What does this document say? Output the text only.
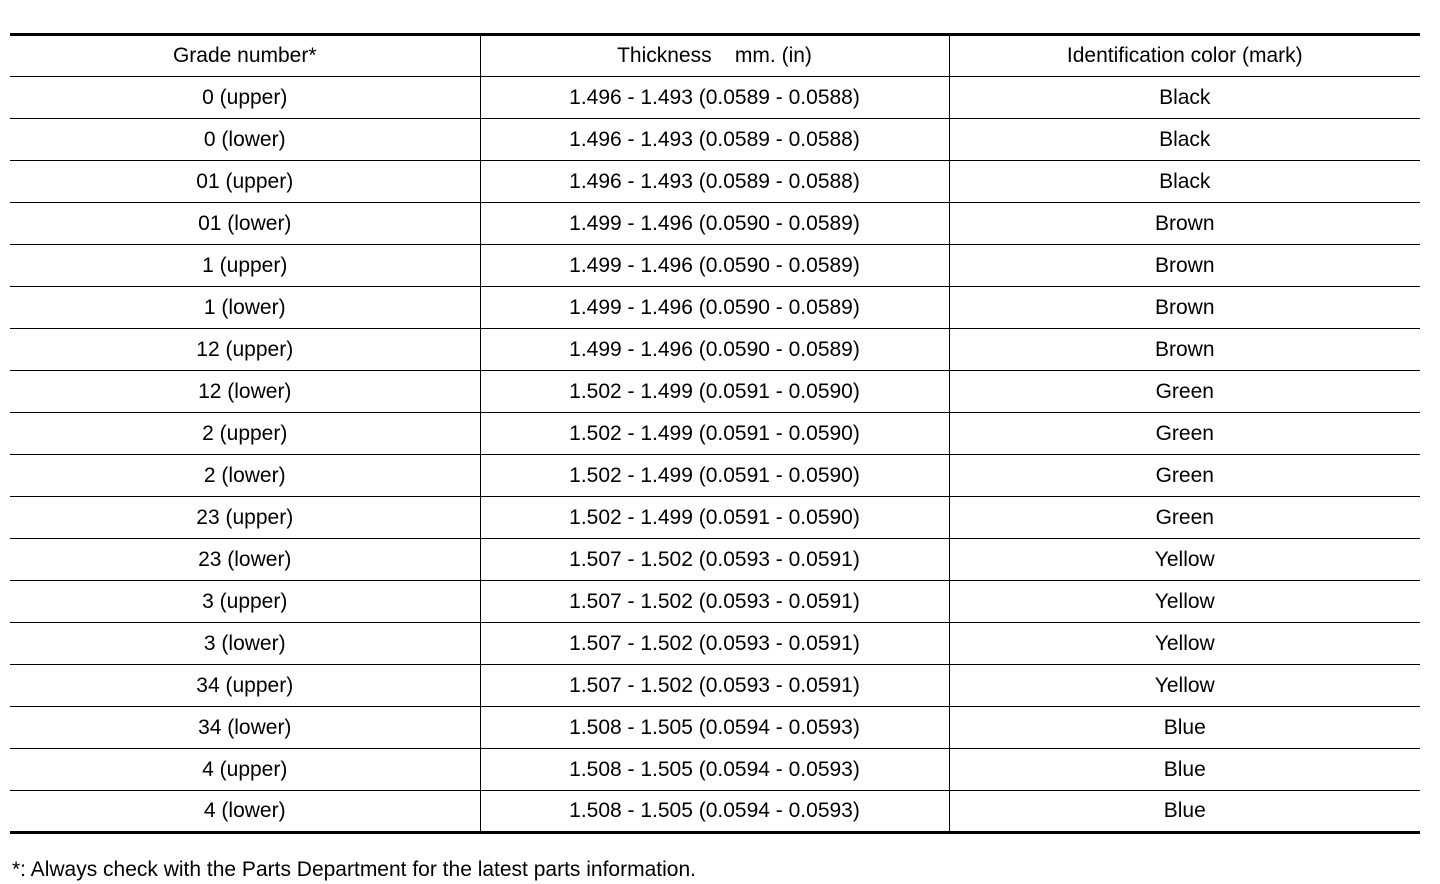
Grade number*	Thickness    mm. (in)	Identification color (mark)
0 (upper)	1.496 - 1.493 (0.0589 - 0.0588)	Black
0 (lower)	1.496 - 1.493 (0.0589 - 0.0588)	Black
01 (upper)	1.496 - 1.493 (0.0589 - 0.0588)	Black
01 (lower)	1.499 - 1.496 (0.0590 - 0.0589)	Brown
1 (upper)	1.499 - 1.496 (0.0590 - 0.0589)	Brown
1 (lower)	1.499 - 1.496 (0.0590 - 0.0589)	Brown
12 (upper)	1.499 - 1.496 (0.0590 - 0.0589)	Brown
12 (lower)	1.502 - 1.499 (0.0591 - 0.0590)	Green
2 (upper)	1.502 - 1.499 (0.0591 - 0.0590)	Green
2 (lower)	1.502 - 1.499 (0.0591 - 0.0590)	Green
23 (upper)	1.502 - 1.499 (0.0591 - 0.0590)	Green
23 (lower)	1.507 - 1.502 (0.0593 - 0.0591)	Yellow
3 (upper)	1.507 - 1.502 (0.0593 - 0.0591)	Yellow
3 (lower)	1.507 - 1.502 (0.0593 - 0.0591)	Yellow
34 (upper)	1.507 - 1.502 (0.0593 - 0.0591)	Yellow
34 (lower)	1.508 - 1.505 (0.0594 - 0.0593)	Blue
4 (upper)	1.508 - 1.505 (0.0594 - 0.0593)	Blue
4 (lower)	1.508 - 1.505 (0.0594 - 0.0593)	Blue
*: Always check with the Parts Department for the latest parts information.
